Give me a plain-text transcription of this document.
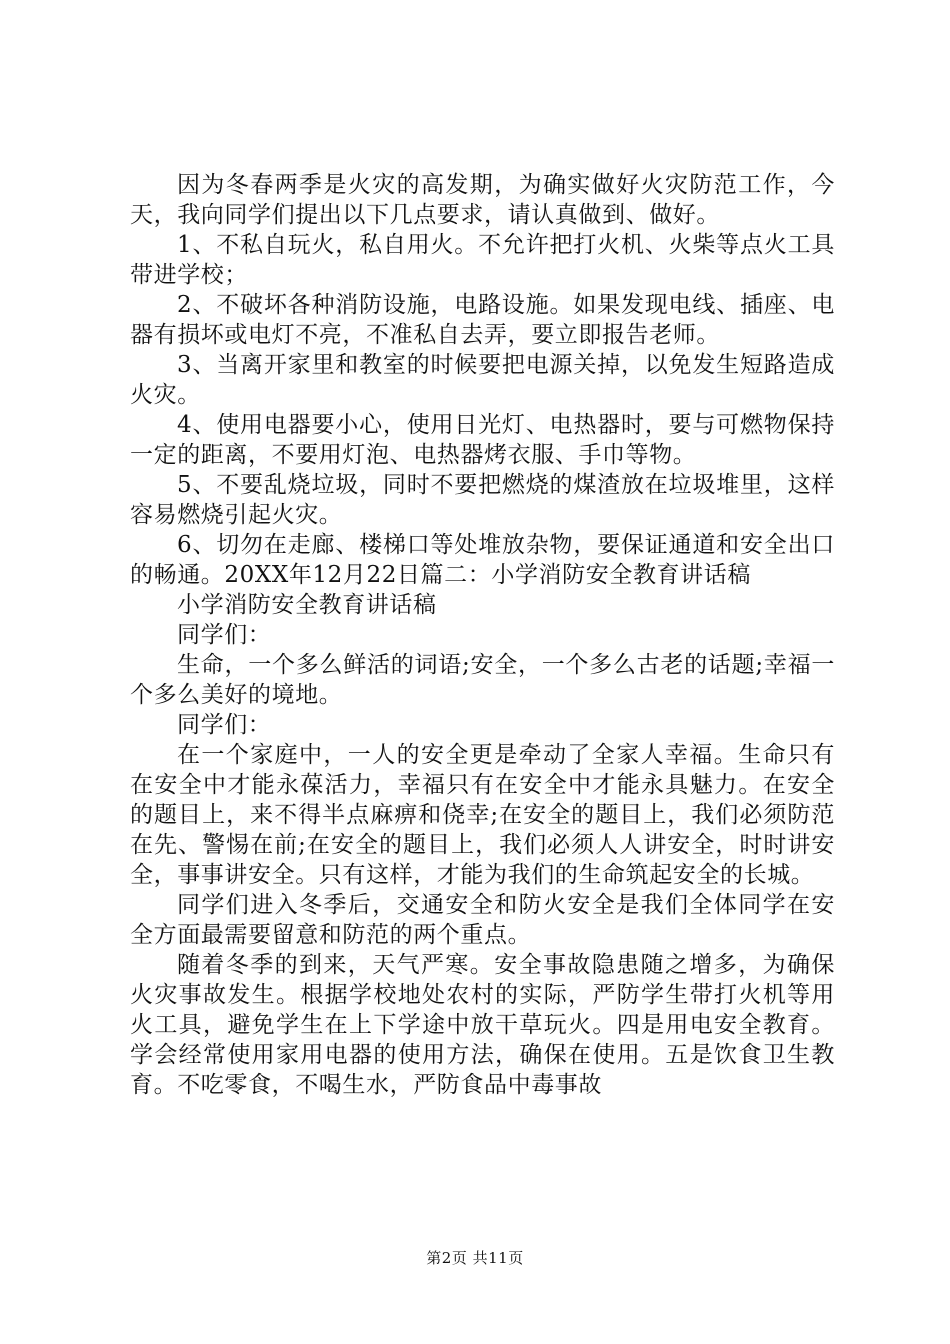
因为冬春两季是火灾的高发期，为确实做好火灾防范工作，今天，我向同学们提出以下几点要求，请认真做到、做好。

1、不私自玩火，私自用火。不允许把打火机、火柴等点火工具带进学校；

2、不破坏各种消防设施，电路设施。如果发现电线、插座、电器有损坏或电灯不亮，不准私自去弄，要立即报告老师。

3、当离开家里和教室的时候要把电源关掉，以免发生短路造成火灾。

4、使用电器要小心，使用日光灯、电热器时，要与可燃物保持一定的距离，不要用灯泡、电热器烤衣服、手巾等物。

5、不要乱烧垃圾，同时不要把燃烧的煤渣放在垃圾堆里，这样容易燃烧引起火灾。

6、切勿在走廊、楼梯口等处堆放杂物，要保证通道和安全出口的畅通。20XX年12月22日篇二：小学消防安全教育讲话稿

小学消防安全教育讲话稿

同学们：

生命，一个多么鲜活的词语;安全，一个多么古老的话题;幸福一个多么美好的境地。

同学们：

在一个家庭中，一人的安全更是牵动了全家人幸福。生命只有在安全中才能永葆活力，幸福只有在安全中才能永具魅力。在安全的题目上，来不得半点麻痹和侥幸;在安全的题目上，我们必须防范在先、警惕在前;在安全的题目上，我们必须人人讲安全，时时讲安全，事事讲安全。只有这样，才能为我们的生命筑起安全的长城。

同学们进入冬季后，交通安全和防火安全是我们全体同学在安全方面最需要留意和防范的两个重点。

随着冬季的到来，天气严寒。安全事故隐患随之增多，为确保火灾事故发生。根据学校地处农村的实际，严防学生带打火机等用火工具，避免学生在上下学途中放干草玩火。四是用电安全教育。学会经常使用家用电器的使用方法，确保在使用。五是饮食卫生教育。不吃零食，不喝生水，严防食品中毒事故

第2页 共11页
